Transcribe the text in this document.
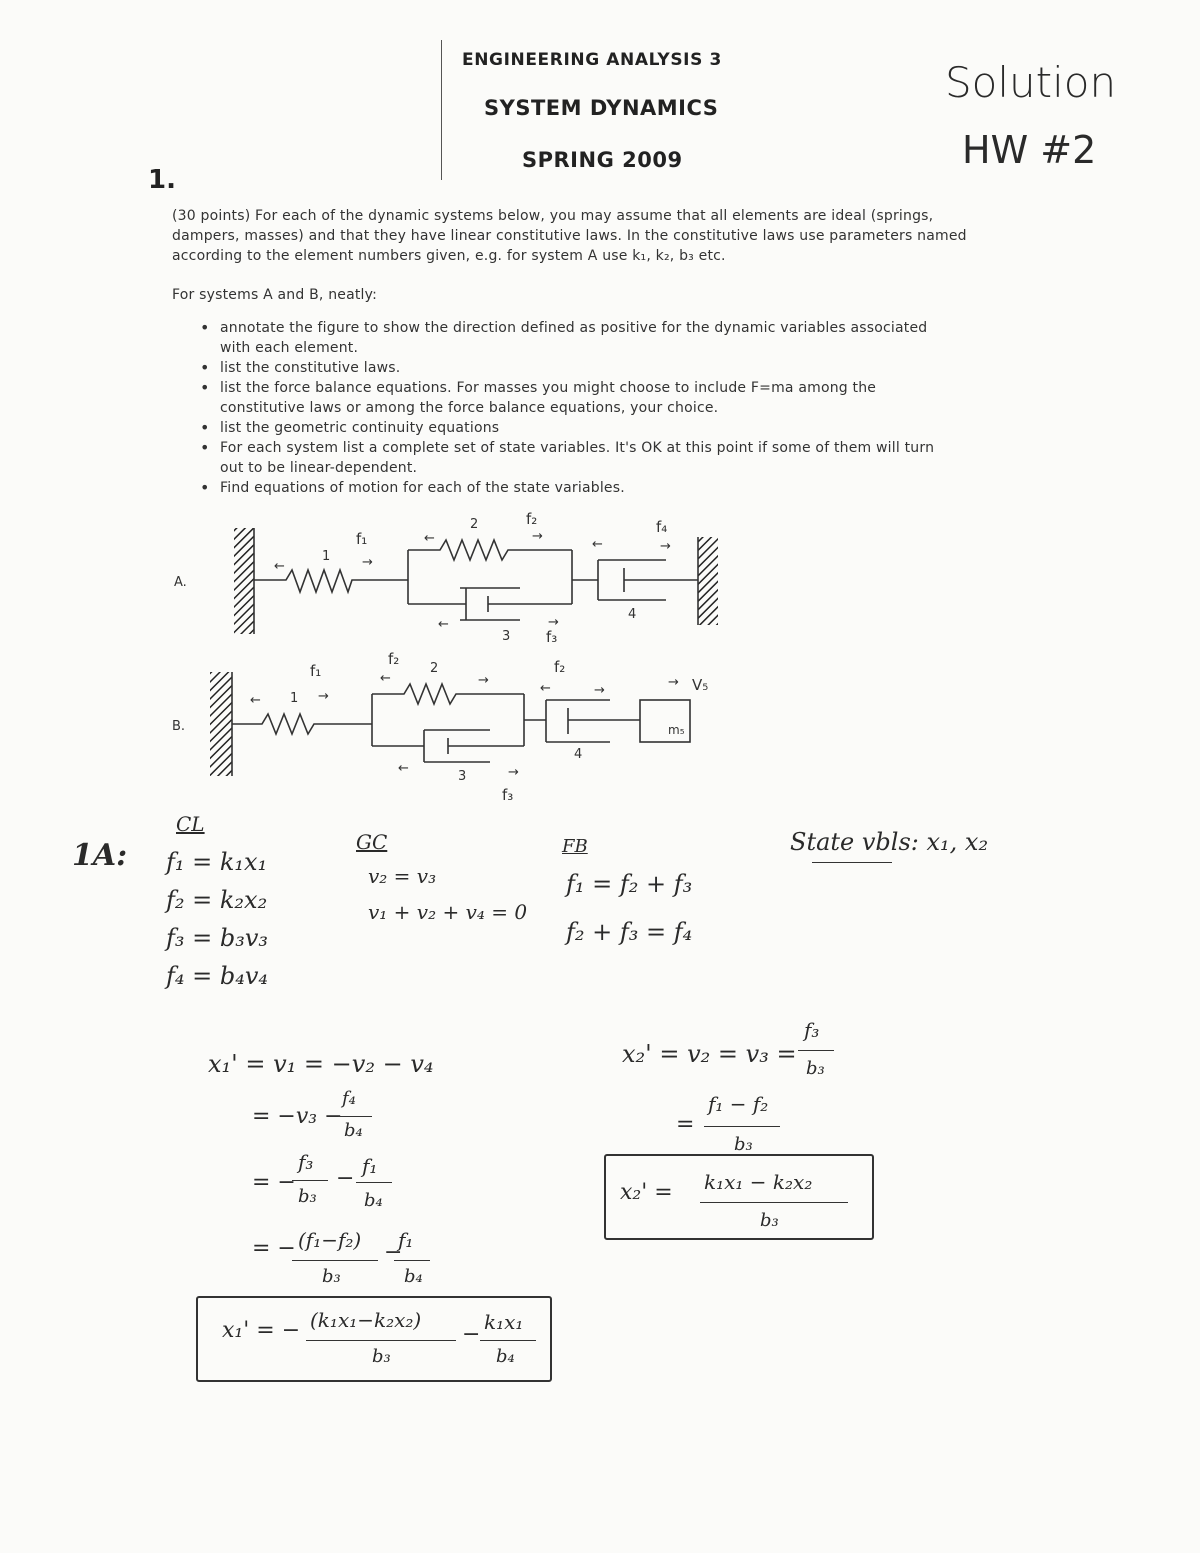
ENGINEERING ANALYSIS 3
SYSTEM DYNAMICS
SPRING 2009
Solution
HW #2
1.
(30 points) For each of the dynamic systems below, you may assume that all elements are ideal (springs, dampers, masses) and that they have linear constitutive laws. In the constitutive laws use parameters named according to the element numbers given, e.g. for system A use k₁, k₂, b₃ etc.
For systems A and B, neatly:
• annotate the figure to show the direction defined as positive for the dynamic variables associated with each element.
• list the constitutive laws.
• list the force balance equations. For masses you might choose to include F=ma among the constitutive laws or among the force balance equations, your choice.
• list the geometric continuity equations
• For each system list a complete set of state variables. It's OK at this point if some of them will turn out to be linear-dependent.
• Find equations of motion for each of the state variables.
A.
B.
1
2
3
4
f₁
f₂
f₃
f₄
←	→
←	→
←	→
←	→
1
2
3
4
f₁
f₂	f₂
f₃
m₅
V₅
←	→
←	→
←	→
←	→
→
1A:
CL
f₁ = k₁x₁
f₂ = k₂x₂
f₃ = b₃v₃
f₄ = b₄v₄
GC
v₂ = v₃
v₁ + v₂ + v₄ = 0
FB
f₁ = f₂ + f₃
f₂ + f₃ = f₄
State vbls: x₁, x₂
x₁' = v₁ = −v₂ − v₄
= −v₃ −
f₄
b₄
= −
f₃
b₃
− f₁
b₄
= − (f₁−f₂)
b₃
−
f₁
b₄
x₁' = − (k₁x₁−k₂x₂)
b₃
− k₁x₁
b₄
x₂' = v₂ = v₃ =
f₃
b₃
=
f₁ − f₂
b₃
x₂' = k₁x₁ − k₂x₂
b₃
